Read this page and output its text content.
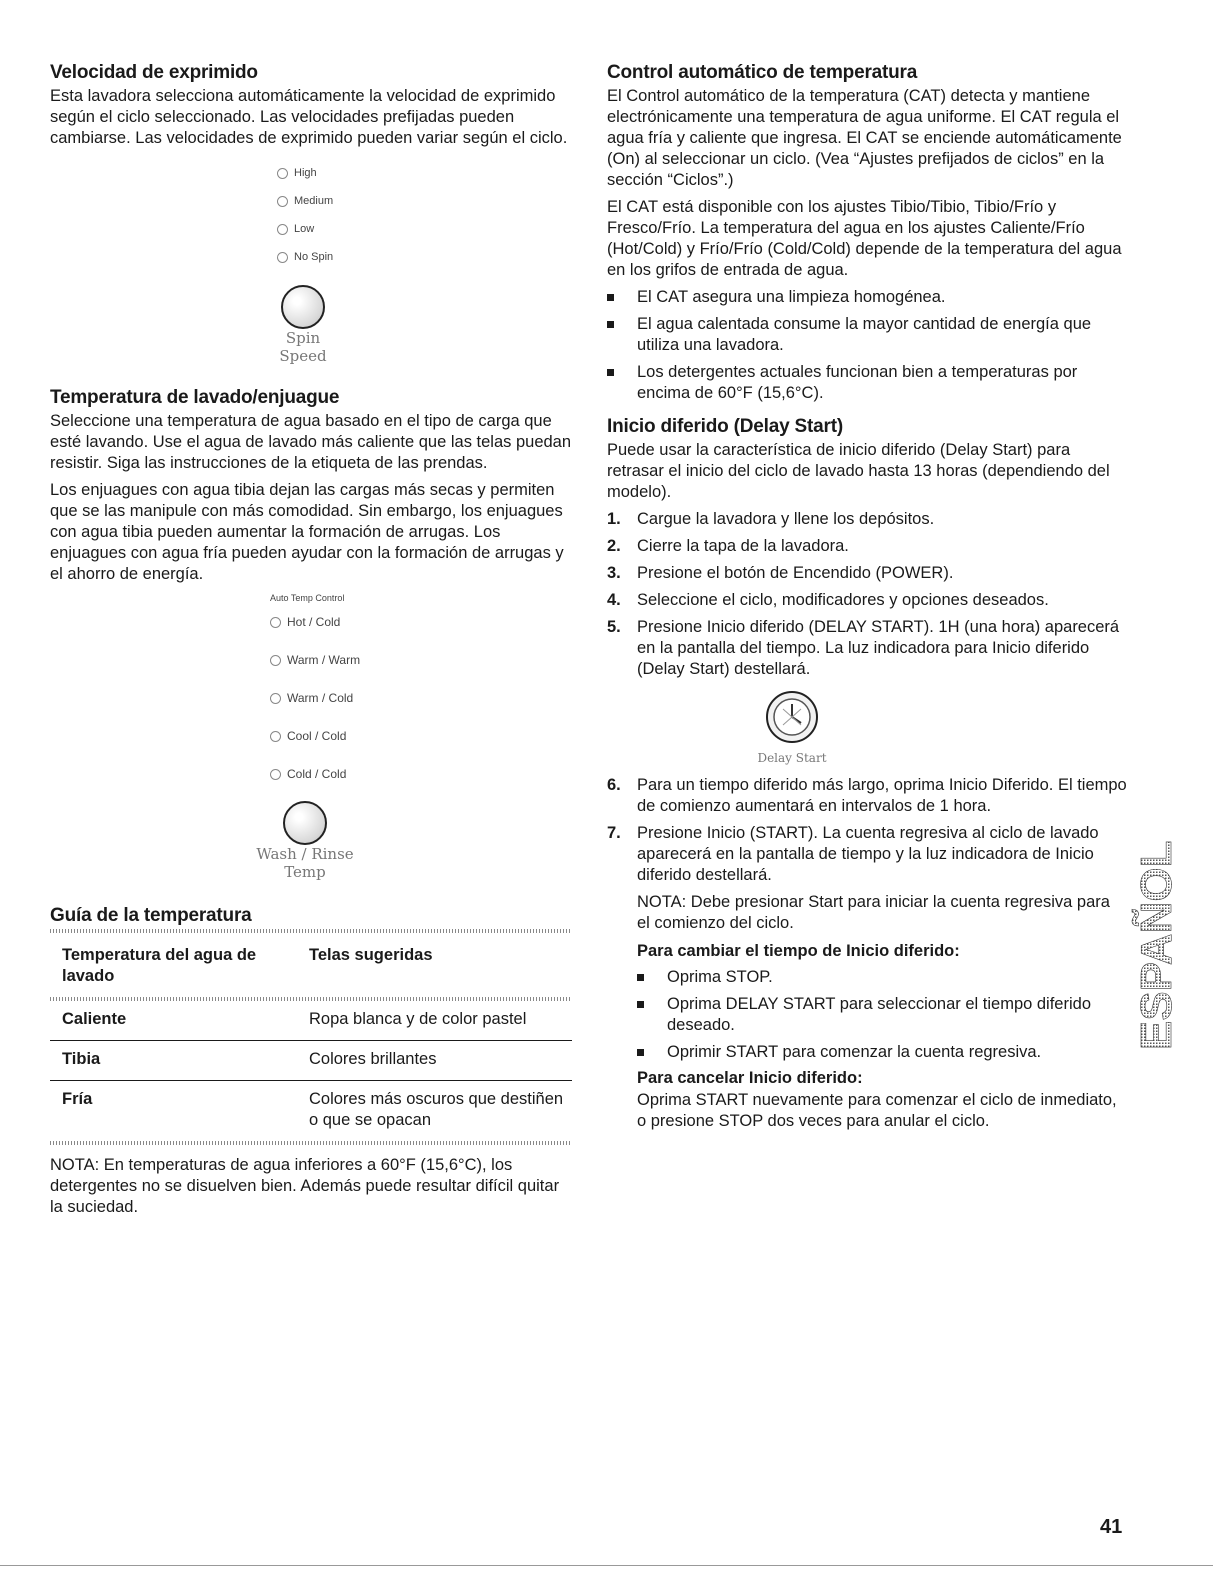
Velocidad de exprimido

Esta lavadora selecciona automáticamente la velocidad de exprimido según el ciclo seleccionado. Las velocidades prefijadas pueden cambiarse. Las velocidades de exprimido pueden variar según el ciclo.

High
Medium
Low
No Spin
Spin
Speed
Temperatura de lavado/enjuague

Seleccione una temperatura de agua basado en el tipo de carga que esté lavando. Use el agua de lavado más caliente que las telas puedan resistir. Siga las instrucciones de la etiqueta de las prendas.

Los enjuagues con agua tibia dejan las cargas más secas y permiten que se las manipule con más comodidad. Sin embargo, los enjuagues con agua tibia pueden aumentar la formación de arrugas. Los enjuagues con agua fría pueden ayudar con la formación de arrugas y el ahorro de energía.

Auto Temp Control
Hot / Cold
Warm / Warm
Warm / Cold
Cool / Cold
Cold / Cold
Wash / Rinse
Temp
Guía de la temperatura
Temperatura del agua de lavado	Telas sugeridas

Caliente	Ropa blanca y de color pastel
Tibia	Colores brillantes
Fría	Colores más oscuros que destiñen o que se opacan

NOTA: En temperaturas de agua inferiores a 60°F (15,6°C), los detergentes no se disuelven bien. Además puede resultar difícil quitar la suciedad.

Control automático de temperatura

El Control automático de la temperatura (CAT) detecta y mantiene electrónicamente una temperatura de agua uniforme. El CAT regula el agua fría y caliente que ingresa. El CAT se enciende automáticamente (On) al seleccionar un ciclo. (Vea “Ajustes prefijados de ciclos” en la sección “Ciclos”.)

El CAT está disponible con los ajustes Tibio/Tibio, Tibio/Frío y Fresco/Frío. La temperatura del agua en los ajustes Caliente/Frío (Hot/Cold) y Frío/Frío (Cold/Cold) depende de la temperatura del agua en los grifos de entrada de agua.

El CAT asegura una limpieza homogénea.
El agua calentada consume la mayor cantidad de energía que utiliza una lavadora.
Los detergentes actuales funcionan bien a temperaturas por encima de 60°F (15,6°C).
Inicio diferido (Delay Start)

Puede usar la característica de inicio diferido (Delay Start) para retrasar el inicio del ciclo de lavado hasta 13 horas (dependiendo del modelo).

1. Cargue la lavadora y llene los depósitos.
2. Cierre la tapa de la lavadora.
3. Presione el botón de Encendido (POWER).
4. Seleccione el ciclo, modificadores y opciones deseados.
5. Presione Inicio diferido (DELAY START). 1H (una hora) aparecerá en la pantalla del tiempo. La luz indicadora para Inicio diferido (Delay Start) destellará.
Delay Start
6. Para un tiempo diferido más largo, oprima Inicio Diferido. El tiempo de comienzo aumentará en intervalos de 1 hora.
7. Presione Inicio (START). La cuenta regresiva al ciclo de lavado aparecerá en la pantalla de tiempo y la luz indicadora de Inicio diferido destellará.

NOTA: Debe presionar Start para iniciar la cuenta regresiva para el comienzo del ciclo.

Para cambiar el tiempo de Inicio diferido:
Oprima STOP.
Oprima DELAY START para seleccionar el tiempo diferido deseado.
Oprimir START para comenzar la cuenta regresiva.
Para cancelar Inicio diferido:

Oprima START nuevamente para comenzar el ciclo de inmediato, o presione STOP dos veces para anular el ciclo.

ESPAÑOL
41
